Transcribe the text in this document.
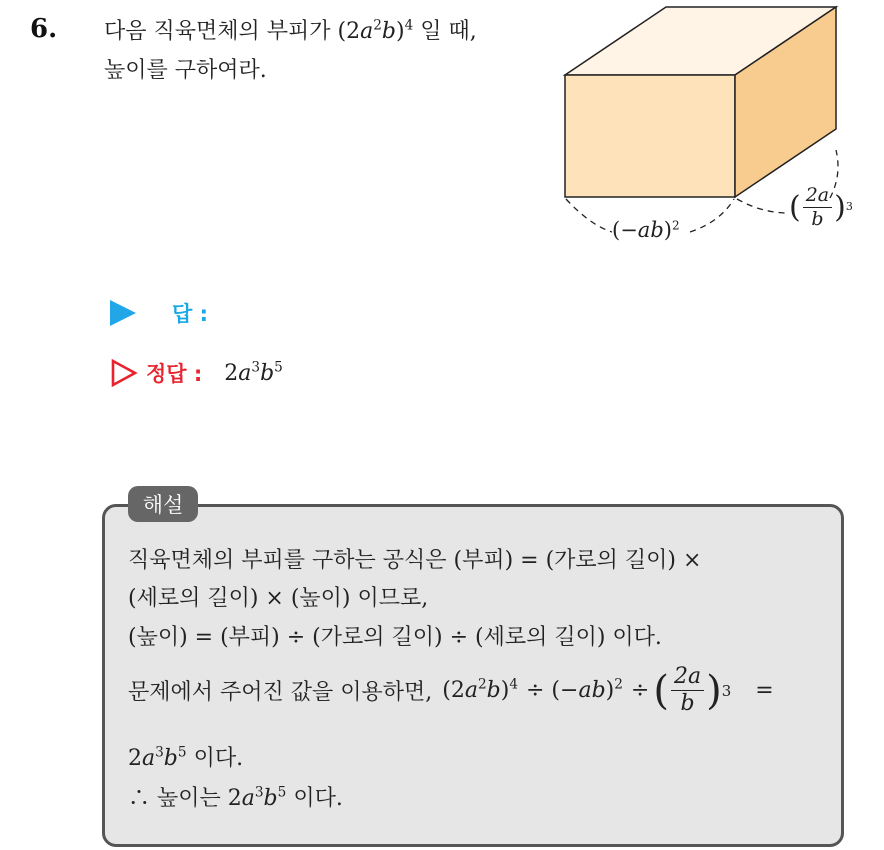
6. 다음 직육면체의 부피가 $(2a^2b)^4$ 일 때,
높이를 구하여라.
$(-ab)^2$
( $\frac{2a}{b}$ ) 3
답 :
정답 : $2a^3b^5$
해설
직육면체의 부피를 구하는 공식은 (부피) = (가로의 길이) ×
(세로의 길이) × (높이) 이므로,
(높이) = (부피) ÷ (가로의 길이) ÷ (세로의 길이) 이다.
문제에서 주어진 값을 이용하면, $(2a^2b)^4 \div (-ab)^2$ ÷ ( $\frac{2a}{b}$ ) 3 =
$2a^3b^5$ 이다.
∴ 높이는 $2a^3b^5$ 이다.
